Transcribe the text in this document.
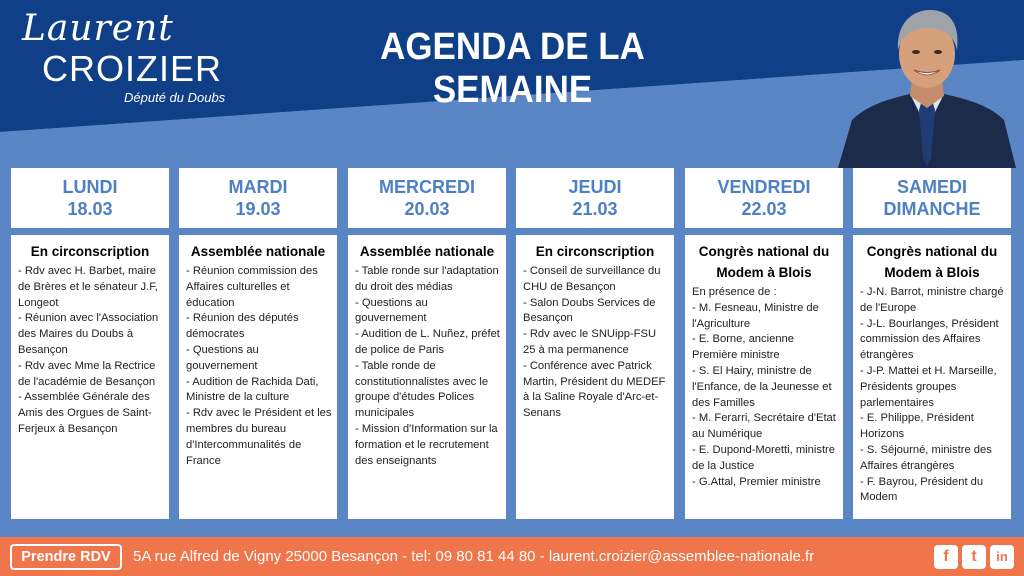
Laurent
CROIZIER
Député du Doubs
AGENDA DE LA SEMAINE
LUNDI
18.03
En circonscription

- Rdv avec H. Barbet, maire de Brères et le sénateur J.F, Longeot

- Réunion avec l'Association des Maires du Doubs à Besançon

- Rdv avec Mme la Rectrice de l'académie de Besançon

- Assemblée Générale des Amis des Orgues de Saint-Ferjeux à Besançon

MARDI
19.03
Assemblée nationale

- Réunion commission des Affaires culturelles et éducation

- Réunion des députés démocrates

- Questions au gouvernement

- Audition de Rachida Dati, Ministre de la culture

- Rdv avec le Président et les membres du bureau d'Intercommunalités de France

MERCREDI
20.03
Assemblée nationale

- Table ronde sur l'adaptation du droit des médias

- Questions au gouvernement

- Audition de L. Nuñez, préfet de police de Paris

- Table ronde de constitutionnalistes avec le groupe d'études Polices municipales

- Mission d'Information sur la formation et le recrutement des enseignants

JEUDI
21.03
En circonscription

- Conseil de surveillance du CHU de Besançon

- Salon Doubs Services de Besançon

- Rdv avec le SNUipp-FSU 25 à ma permanence

- Conférence avec Patrick Martin, Président du MEDEF à la Saline Royale d'Arc-et-Senans

VENDREDI
22.03
Congrès national du Modem à Blois

En présence de :

- M. Fesneau, Ministre de l'Agriculture

- E. Borne, ancienne Première ministre

- S. El Hairy, ministre de l'Enfance, de la Jeunesse et des Familles

- M. Ferarri, Secrétaire d'Etat au Numérique

- E. Dupond-Moretti, ministre de la Justice

- G.Attal, Premier ministre

SAMEDI
DIMANCHE
Congrès national du Modem à Blois

- J-N. Barrot, ministre chargé de l'Europe

- J-L. Bourlanges, Président commission des Affaires étrangères

- J-P. Mattei et H. Marseille, Présidents groupes parlementaires

- E. Philippe, Président Horizons

- S. Séjourné, ministre des Affaires étrangères

- F. Bayrou, Président du Modem

Prendre RDV	5A rue Alfred de Vigny 25000 Besançon - tel: 09 80 81 44 80 - laurent.croizier@assemblee-nationale.fr	f	t	in
